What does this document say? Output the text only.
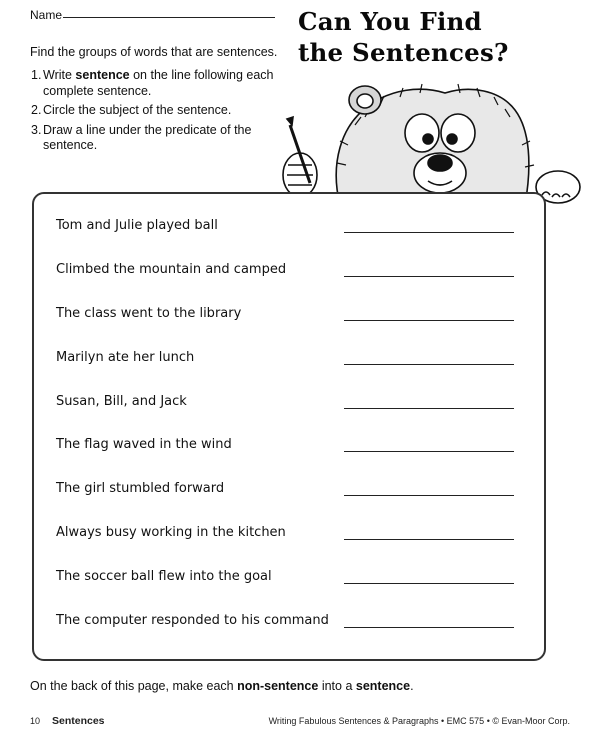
Name	Can You Find
the Sentences?
Find the groups of words that are sentences.
1. Write sentence on the line following each complete sentence.
2. Circle the subject of the sentence.
3. Draw a line under the predicate of the sentence.
Tom and Julie played ball
Climbed the mountain and camped
The class went to the library
Marilyn ate her lunch
Susan, Bill, and Jack
The flag waved in the wind
The girl stumbled forward
Always busy working in the kitchen
The soccer ball flew into the goal
The computer responded to his command
On the back of this page, make each non-sentence into a sentence.
10 Sentences	Writing Fabulous Sentences & Paragraphs • EMC 575 • © Evan-Moor Corp.
